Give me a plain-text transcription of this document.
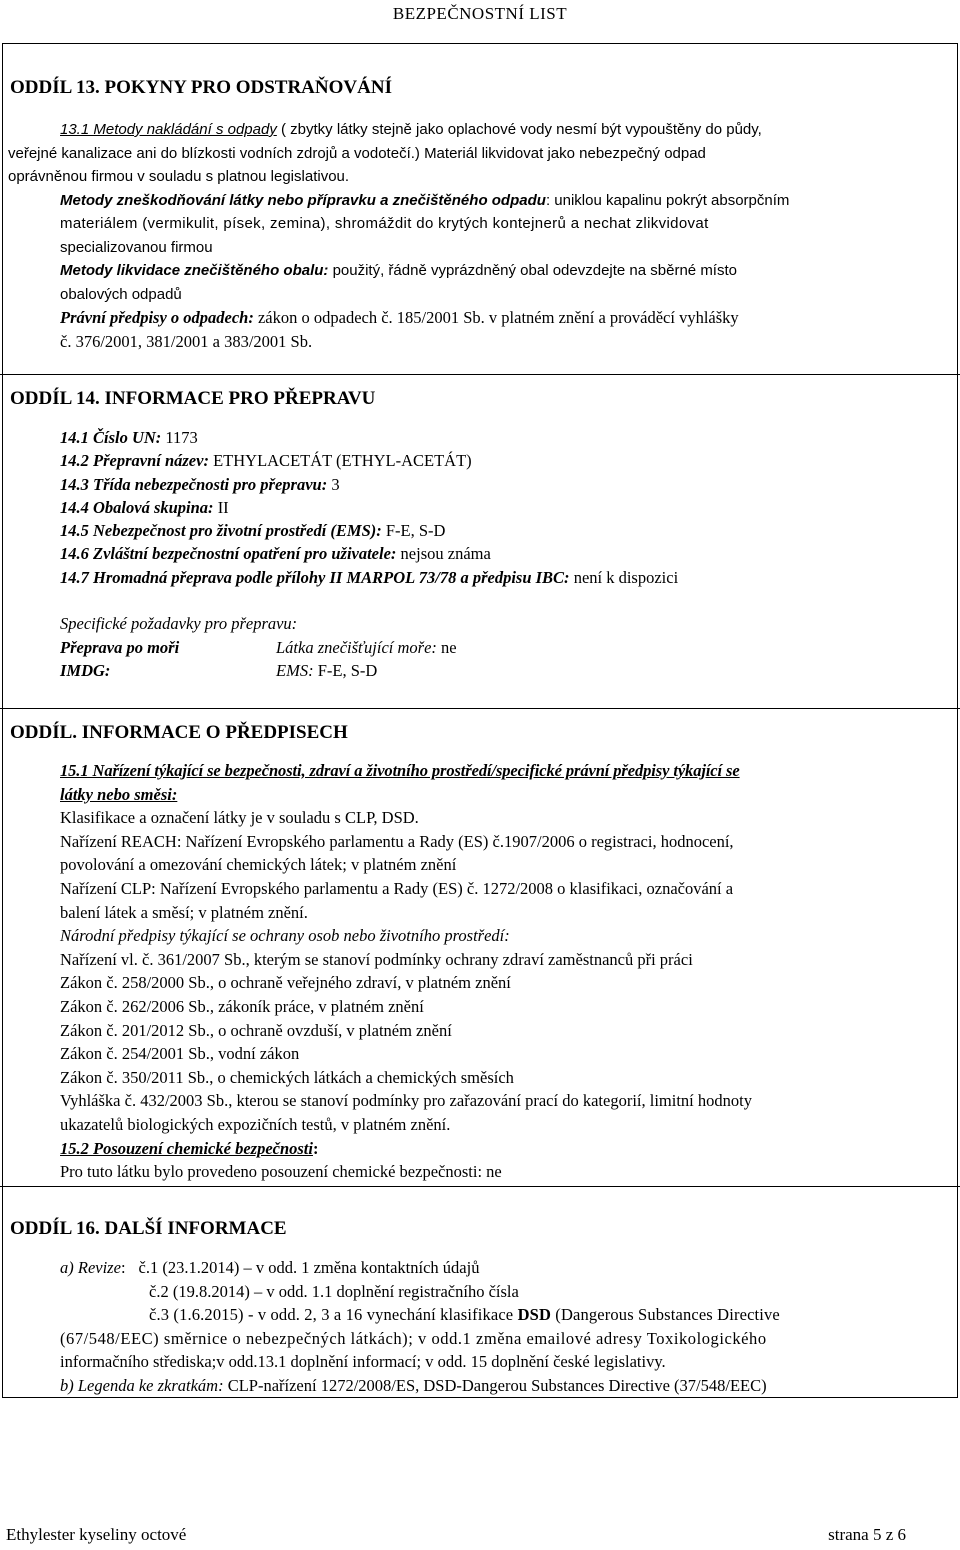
BEZPEČNOSTNÍ LIST
ODDÍL 13. POKYNY PRO ODSTRAŇOVÁNÍ
13.1 Metody nakládání s odpady ( zbytky látky stejně jako oplachové vody nesmí být vypouštěny do půdy,
veřejné kanalizace ani do blízkosti vodních zdrojů a vodotečí.) Materiál likvidovat jako nebezpečný odpad
oprávněnou firmou v souladu s platnou legislativou.
Metody zneškodňování látky nebo přípravku a znečištěného odpadu: uniklou kapalinu pokrýt absorpčním
materiálem (vermikulit, písek, zemina), shromáždit do krytých kontejnerů a nechat zlikvidovat
specializovanou firmou
Metody likvidace znečištěného obalu: použitý, řádně vyprázdněný obal odevzdejte na sběrné místo
obalových odpadů
Právní předpisy o odpadech: zákon o odpadech č. 185/2001 Sb. v platném znění a prováděcí vyhlášky
č. 376/2001, 381/2001 a 383/2001 Sb.
ODDÍL 14. INFORMACE PRO PŘEPRAVU
14.1 Číslo UN: 1173
14.2 Přepravní název: ETHYLACETÁT (ETHYL-ACETÁT)
14.3 Třída nebezpečnosti pro přepravu: 3
14.4 Obalová skupina: II
14.5 Nebezpečnost pro životní prostředí (EMS): F-E, S-D
14.6 Zvláštní bezpečnostní opatření pro uživatele: nejsou známa
14.7 Hromadná přeprava podle přílohy II MARPOL 73/78 a předpisu IBC: není k dispozici
Specifické požadavky pro přepravu:
Přeprava po moři	Látka znečišťující moře: ne
IMDG:	EMS: F-E, S-D
ODDÍL. INFORMACE O PŘEDPISECH
15.1 Nařízení týkající se bezpečnosti, zdraví a životního prostředí/specifické právní předpisy týkající se
látky nebo směsi:
Klasifikace a označení látky je v souladu s CLP, DSD.
Nařízení REACH: Nařízení Evropského parlamentu a Rady (ES) č.1907/2006 o registraci, hodnocení,
povolování a omezování chemických látek; v platném znění
Nařízení CLP: Nařízení Evropského parlamentu a Rady (ES) č. 1272/2008 o klasifikaci, označování a
balení látek a směsí; v platném znění.
Národní předpisy týkající se ochrany osob nebo životního prostředí:
Nařízení vl. č. 361/2007 Sb., kterým se stanoví podmínky ochrany zdraví zaměstnanců při práci
Zákon č. 258/2000 Sb., o ochraně veřejného zdraví, v platném znění
Zákon č. 262/2006 Sb., zákoník práce, v platném znění
Zákon č. 201/2012 Sb., o ochraně ovzduší, v platném znění
Zákon č. 254/2001 Sb., vodní zákon
Zákon č. 350/2011 Sb., o chemických látkách a chemických směsích
Vyhláška č. 432/2003 Sb., kterou se stanoví podmínky pro zařazování prací do kategorií, limitní hodnoty
ukazatelů biologických expozičních testů, v platném znění.
15.2 Posouzení chemické bezpečnosti:
Pro tuto látku bylo provedeno posouzení chemické bezpečnosti: ne
ODDÍL 16. DALŠÍ INFORMACE
a) Revize: č.1 (23.1.2014) – v odd. 1 změna kontaktních údajů
č.2 (19.8.2014) – v odd. 1.1 doplnění registračního čísla
č.3 (1.6.2015) - v odd. 2, 3 a 16 vynechání klasifikace DSD (Dangerous Substances Directive
(67/548/EEC) směrnice o nebezpečných látkách); v odd.1 změna emailové adresy Toxikologického
informačního střediska;v odd.13.1 doplnění informací; v odd. 15 doplnění české legislativy.
b) Legenda ke zkratkám: CLP-nařízení 1272/2008/ES, DSD-Dangerou Substances Directive (37/548/EEC)
Ethylester kyseliny octové	strana 5 z 6
